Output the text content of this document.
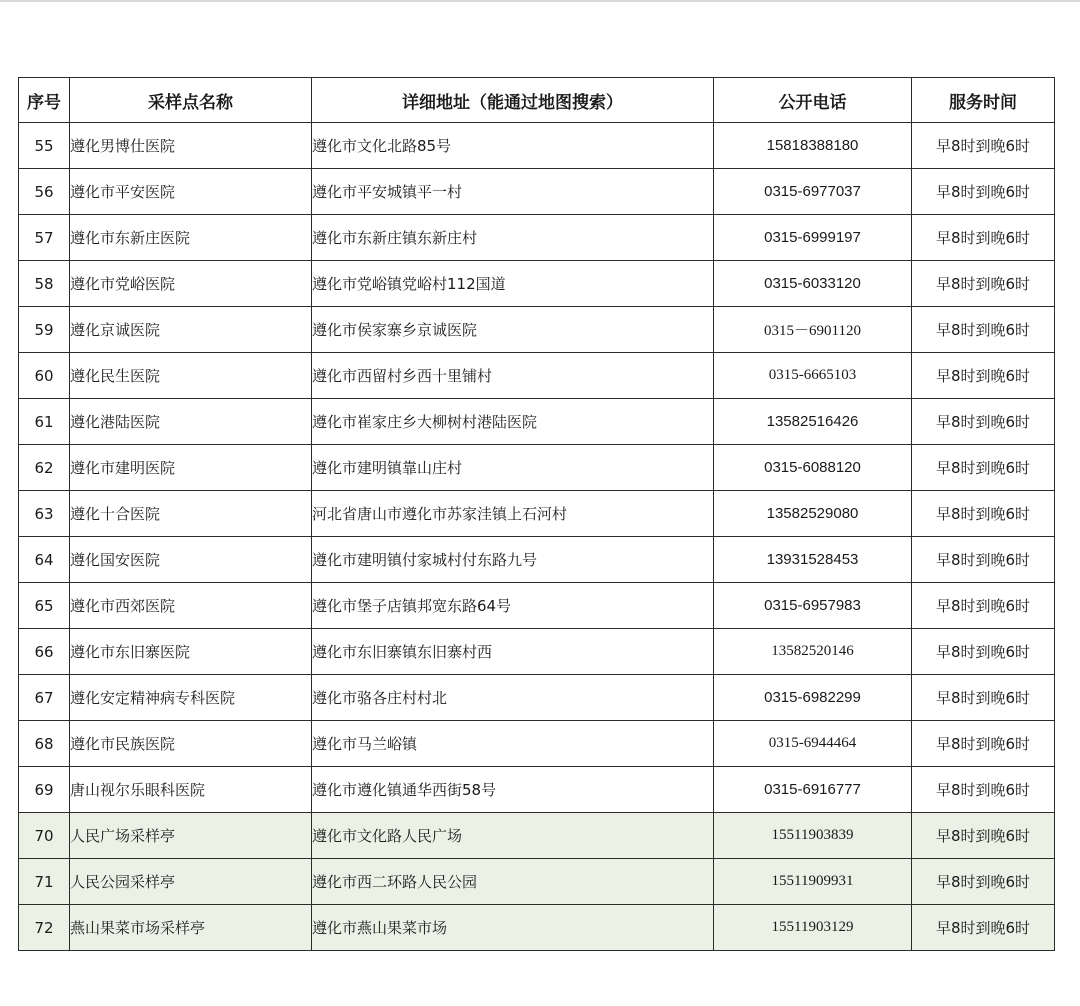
序号	采样点名称	详细地址（能通过地图搜索）	公开电话	服务时间
55	遵化男博仕医院	遵化市文化北路85号	15818388180	早8时到晚6时
56	遵化市平安医院	遵化市平安城镇平一村	0315-6977037	早8时到晚6时
57	遵化市东新庄医院	遵化市东新庄镇东新庄村	0315-6999197	早8时到晚6时
58	遵化市党峪医院	遵化市党峪镇党峪村112国道	0315-6033120	早8时到晚6时
59	遵化京诚医院	遵化市侯家寨乡京诚医院	0315－6901120	早8时到晚6时
60	遵化民生医院	遵化市西留村乡西十里铺村	0315-6665103	早8时到晚6时
61	遵化港陆医院	遵化市崔家庄乡大柳树村港陆医院	13582516426	早8时到晚6时
62	遵化市建明医院	遵化市建明镇靠山庄村	0315-6088120	早8时到晚6时
63	遵化十合医院	河北省唐山市遵化市苏家洼镇上石河村	13582529080	早8时到晚6时
64	遵化国安医院	遵化市建明镇付家城村付东路九号	13931528453	早8时到晚6时
65	遵化市西郊医院	遵化市堡子店镇邦宽东路64号	0315-6957983	早8时到晚6时
66	遵化市东旧寨医院	遵化市东旧寨镇东旧寨村西	13582520146	早8时到晚6时
67	遵化安定精神病专科医院	遵化市骆各庄村村北	0315-6982299	早8时到晚6时
68	遵化市民族医院	遵化市马兰峪镇	0315-6944464	早8时到晚6时
69	唐山视尔乐眼科医院	遵化市遵化镇通华西街58号	0315-6916777	早8时到晚6时
70	人民广场采样亭	遵化市文化路人民广场	15511903839	早8时到晚6时
71	人民公园采样亭	遵化市西二环路人民公园	15511909931	早8时到晚6时
72	燕山果菜市场采样亭	遵化市燕山果菜市场	15511903129	早8时到晚6时
